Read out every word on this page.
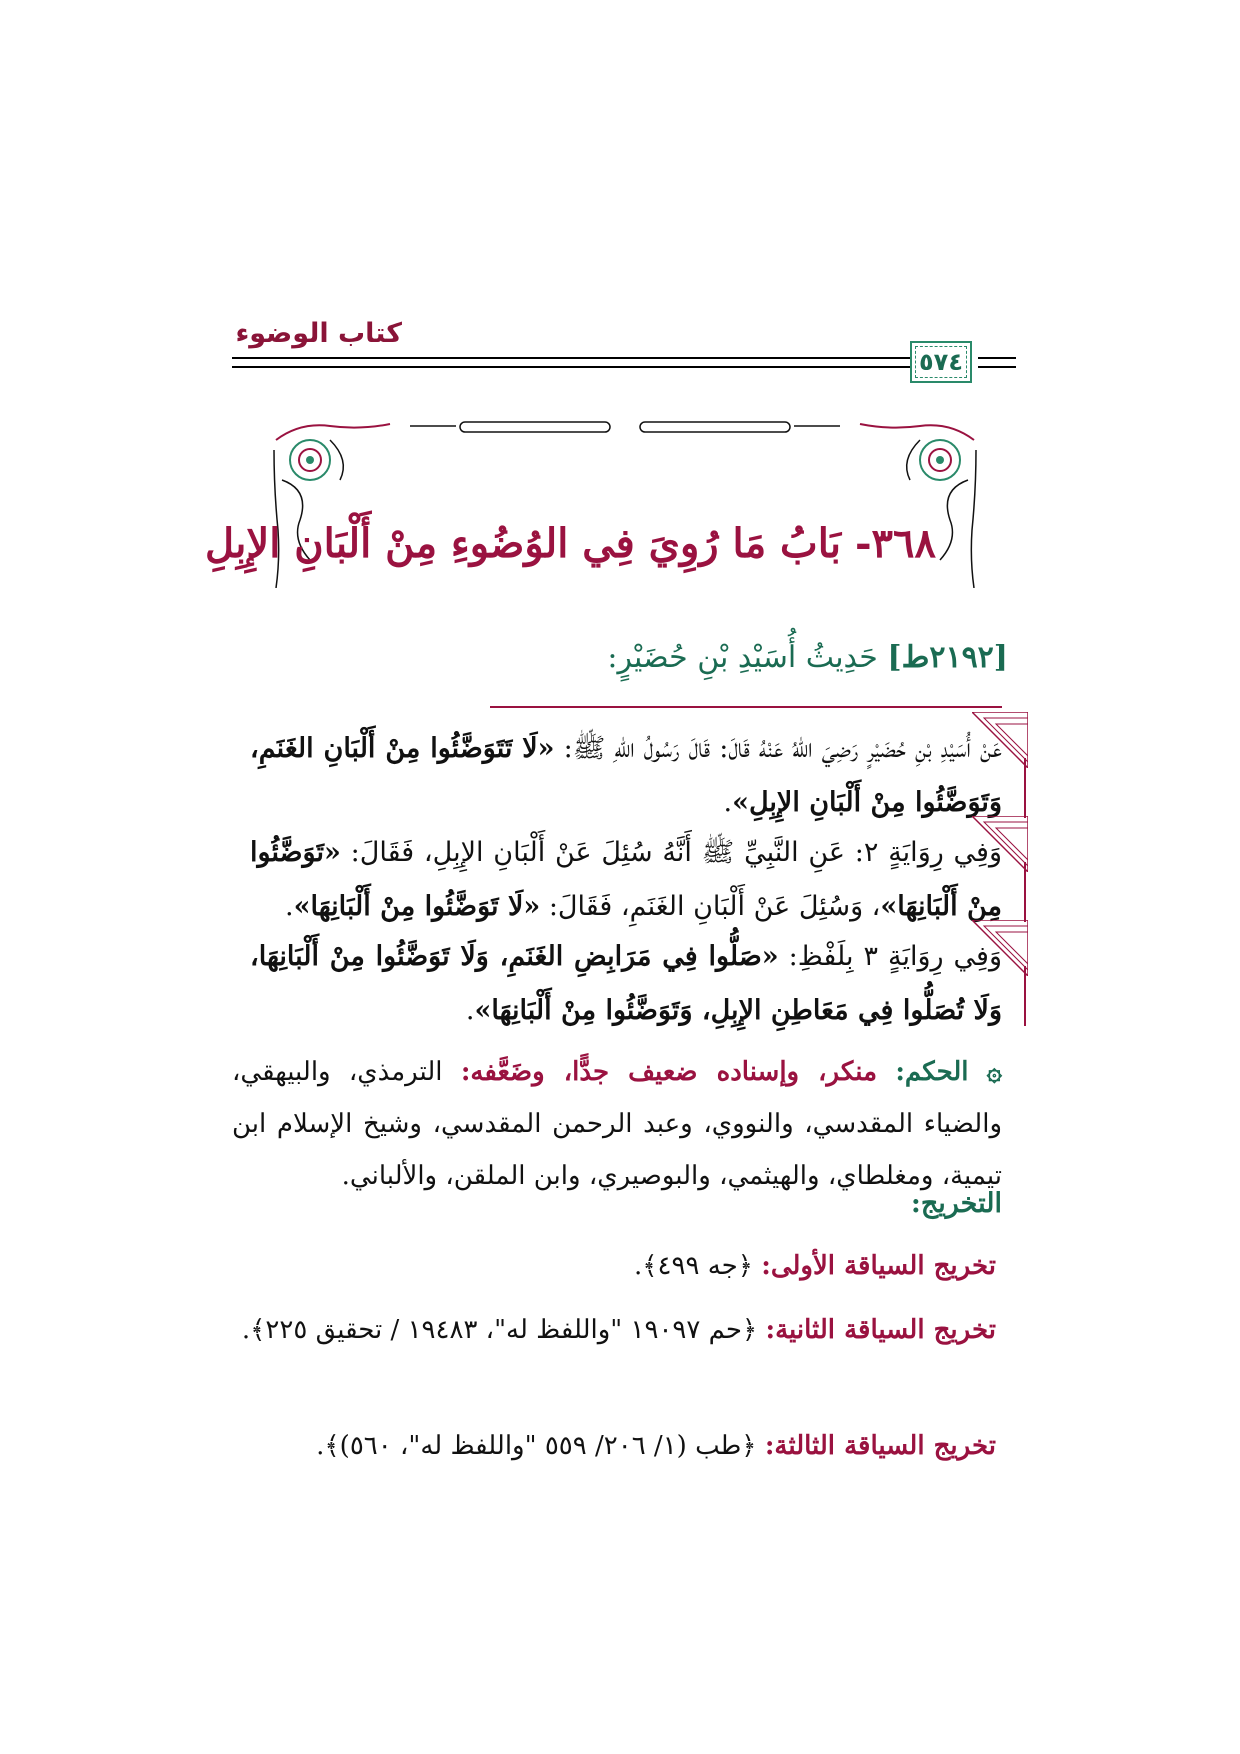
كتاب الوضوء
٥٧٤
٣٦٨- بَابُ مَا رُوِيَ فِي الوُضُوءِ مِنْ أَلْبَانِ الإِبِلِ
[٢١٩٢ط] حَدِيثُ أُسَيْدِ بْنِ حُضَيْرٍ:

عَنْ أُسَيْدِ بْنِ حُضَيْرٍ رَضِيَ اللهُ عَنْهُ قَالَ: قَالَ رَسُولُ اللهِ ﷺ: «لَا تَتَوَضَّئُوا مِنْ أَلْبَانِ الغَنَمِ، وَتَوَضَّئُوا مِنْ أَلْبَانِ الإِبِلِ».

وَفِي رِوَايَةٍ ٢: عَنِ النَّبِيِّ ﷺ أَنَّهُ سُئِلَ عَنْ أَلْبَانِ الإِبِلِ، فَقَالَ: «تَوَضَّئُوا مِنْ أَلْبَانِهَا»، وَسُئِلَ عَنْ أَلْبَانِ الغَنَمِ، فَقَالَ: «لَا تَوَضَّئُوا مِنْ أَلْبَانِهَا».

وَفِي رِوَايَةٍ ٣ بِلَفْظِ: «صَلُّوا فِي مَرَابِضِ الغَنَمِ، وَلَا تَوَضَّئُوا مِنْ أَلْبَانِهَا، وَلَا تُصَلُّوا فِي مَعَاطِنِ الإِبِلِ، وَتَوَضَّئُوا مِنْ أَلْبَانِهَا».

۞ الحكم: منكر، وإسناده ضعيف جدًّا، وضَعَّفه: الترمذي، والبيهقي، والضياء المقدسي، والنووي، وعبد الرحمن المقدسي، وشيخ الإسلام ابن تيمية، ومغلطاي، والهيثمي، والبوصيري، وابن الملقن، والألباني.
التخريج:
تخريج السياقة الأولى: ﴿جه ٤٩٩﴾.
تخريج السياقة الثانية: ﴿حم ١٩٠٩٧ "واللفظ له"، ١٩٤٨٣ / تحقيق ٢٢٥﴾.
تخريج السياقة الثالثة: ﴿طب (١/ ٢٠٦/ ٥٥٩ "واللفظ له"، ٥٦٠)﴾.
